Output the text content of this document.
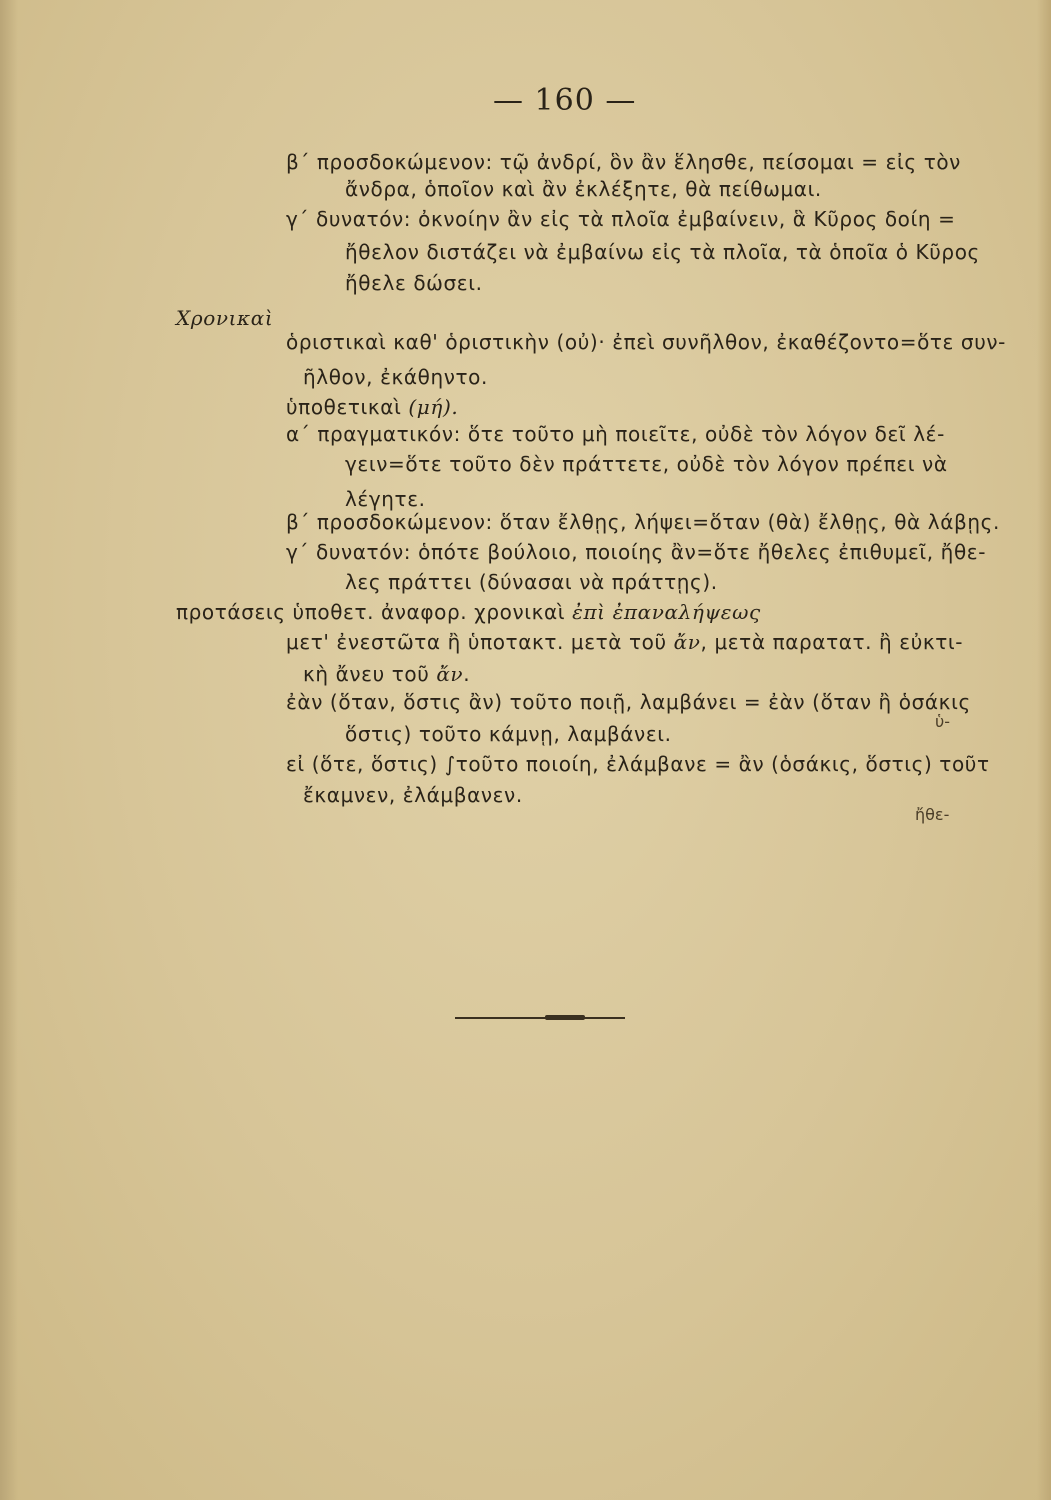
— 160 —
β΄ προσδοκώμενον: τῷ ἀνδρί, ὃν ἂν ἕλησθε, πείσομαι = εἰς τὸν
ἄνδρα, ὁποῖον καὶ ἂν ἐκλέξητε, θὰ πείθωμαι.
γ΄ δυνατόν: ὀκνοίην ἂν εἰς τὰ πλοῖα ἐμβαίνειν, ἃ Κῦρος δοίη =
ἤθελον διστάζει νὰ ἐμβαίνω εἰς τὰ πλοῖα, τὰ ὁποῖα ὁ Κῦρος
ἤθελε δώσει.
Χρονικαὶ
ὁριστικαὶ καθ' ὁριστικὴν (οὐ)· ἐπεὶ συνῆλθον, ἐκαθέζοντο=ὅτε συν-
ῆλθον, ἐκάθηντο.
ὑποθετικαὶ (μή).
α΄ πραγματικόν: ὅτε τοῦτο μὴ ποιεῖτε, οὐδὲ τὸν λόγον δεῖ λέ-
γειν=ὅτε τοῦτο δὲν πράττετε, οὐδὲ τὸν λόγον πρέπει νὰ
λέγητε.
β΄ προσδοκώμενον: ὅταν ἔλθῃς, λήψει=ὅταν (θὰ) ἔλθῃς, θὰ λάβῃς.
γ΄ δυνατόν: ὁπότε βούλοιο, ποιοίης ἂν=ὅτε ἤθελες ἐπιθυμεῖ, ἤθε-
λες πράττει (δύνασαι νὰ πράττῃς).
προτάσεις ὑποθετ. ἀναφορ. χρονικαὶ ἐπὶ ἐπαναλήψεως
μετ' ἐνεστῶτα ἢ ὑποτακτ. μετὰ τοῦ ἄν, μετὰ παρατατ. ἢ εὐκτι-
κὴ ἄνευ τοῦ ἄν.
ἐὰν (ὅταν, ὅστις ἂν) τοῦτο ποιῇ, λαμβάνει = ἐὰν (ὅταν ἢ ὁσάκις
ὅστις) τοῦτο κάμνῃ, λαμβάνει.
εἰ (ὅτε, ὅστις) ∫τοῦτο ποιοίη, ἐλάμβανε = ἂν (ὁσάκις, ὅστις) τοῦτ
ἔκαμνεν, ἐλάμβανεν.
ὑ-
ἤθε-
